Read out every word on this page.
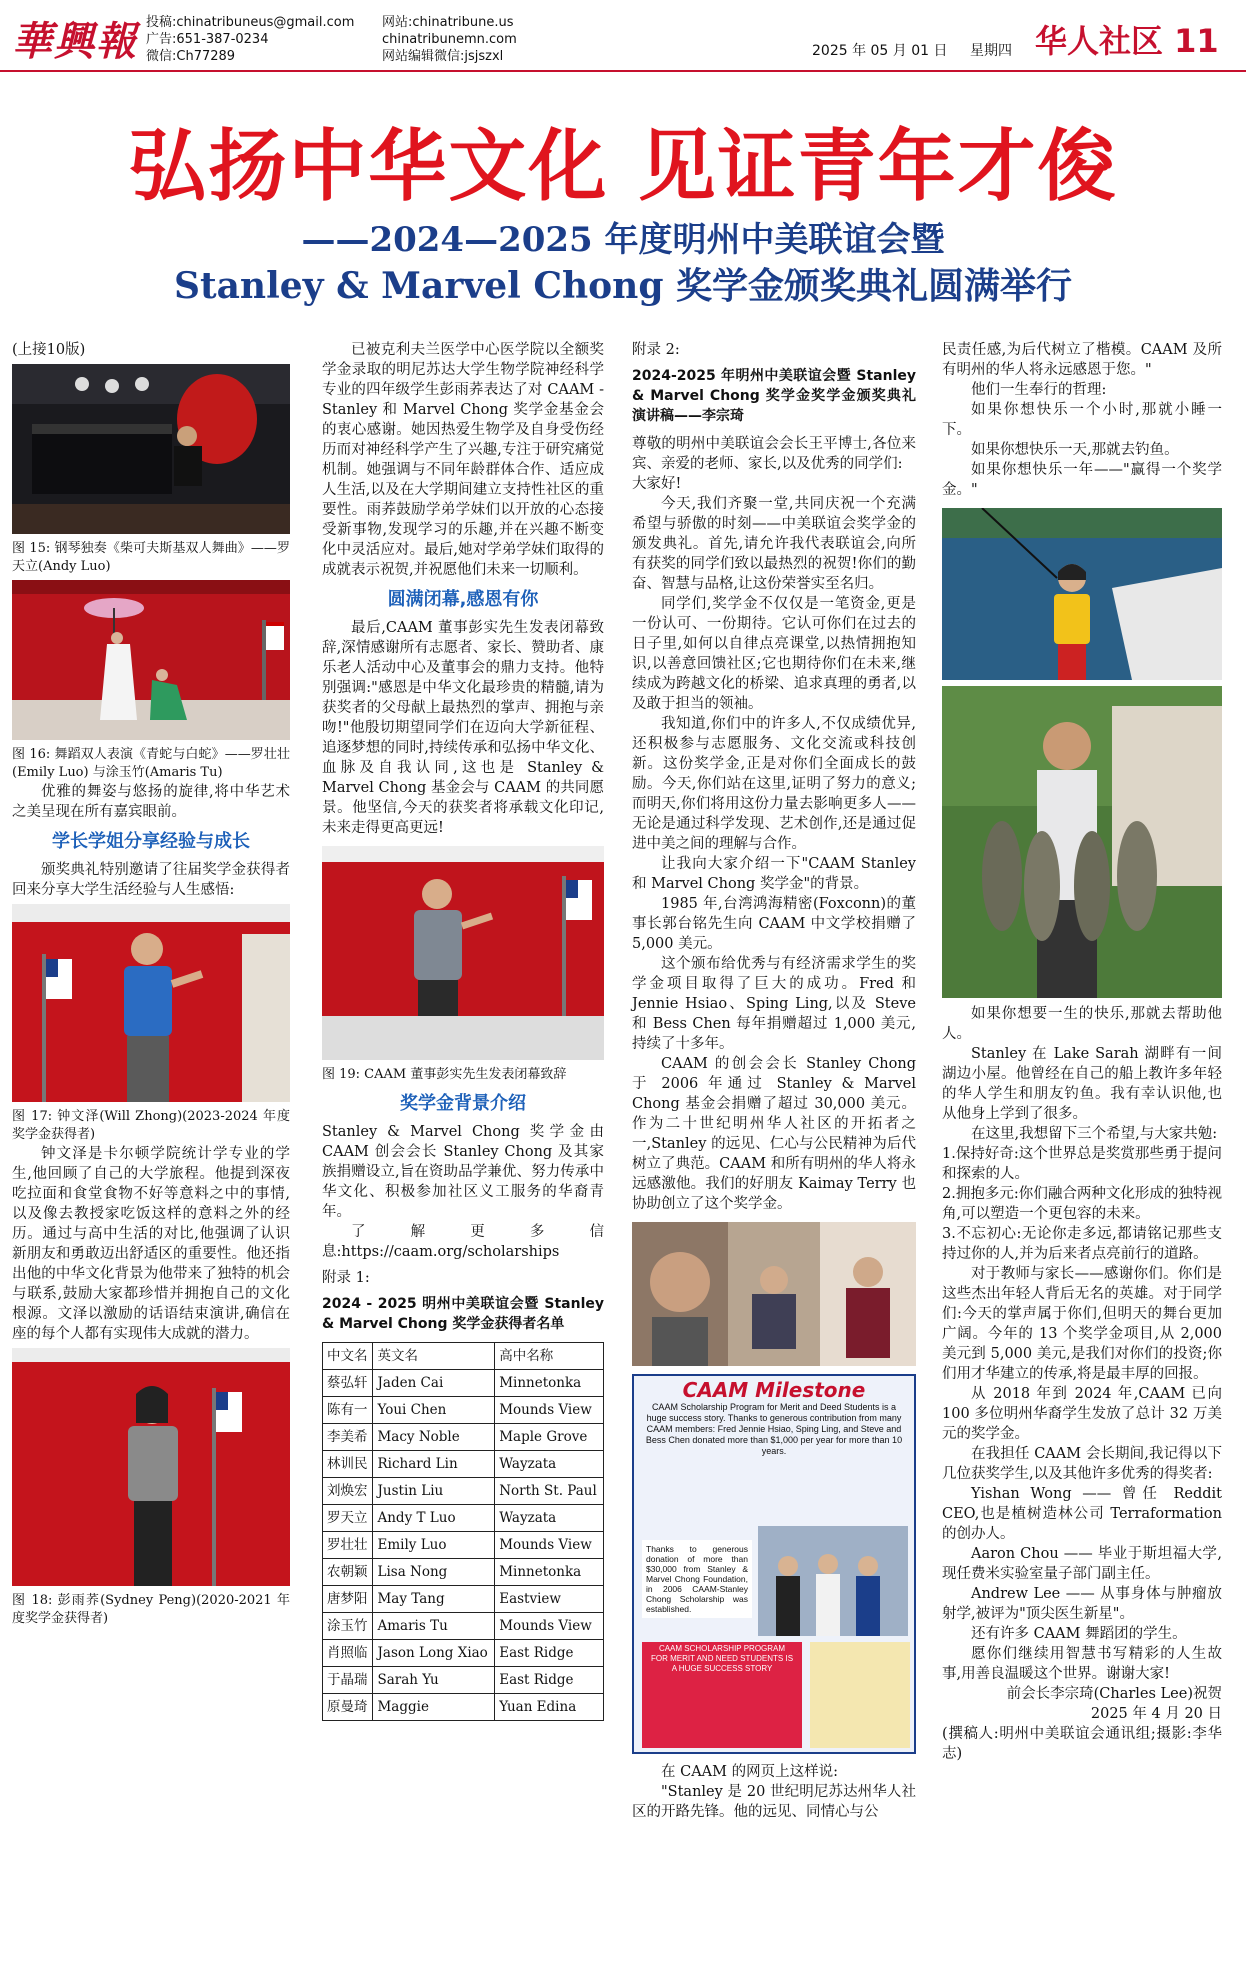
華興報 投稿:chinatribuneus@gmail.com
广告:651-387-0234
微信:Ch77289
网站:chinatribune.us
chinatribunemn.com
网站编辑微信:jsjszxl	2025 年 05 月 01 日 星期四 华人社区 11
弘扬中华文化 见证青年才俊
——2024—2025 年度明州中美联谊会暨
Stanley & Marvel Chong 奖学金颁奖典礼圆满举行

(上接10版)

图 15: 钢琴独奏《柴可夫斯基双人舞曲》——罗天立(Andy Luo)
图 16: 舞蹈双人表演《青蛇与白蛇》——罗壮壮(Emily Luo) 与涂玉竹(Amaris Tu)

优雅的舞姿与悠扬的旋律,将中华艺术之美呈现在所有嘉宾眼前。

学长学姐分享经验与成长

颁奖典礼特别邀请了往届奖学金获得者回来分享大学生活经验与人生感悟:

图 17: 钟文泽(Will Zhong)(2023-2024 年度奖学金获得者)

钟文泽是卡尔顿学院统计学专业的学生,他回顾了自己的大学旅程。他提到深夜吃拉面和食堂食物不好等意料之中的事情,以及像去教授家吃饭这样的意料之外的经历。通过与高中生活的对比,他强调了认识新朋友和勇敢迈出舒适区的重要性。他还指出他的中华文化背景为他带来了独特的机会与联系,鼓励大家都珍惜并拥抱自己的文化根源。文泽以激励的话语结束演讲,确信在座的每个人都有实现伟大成就的潜力。

图 18: 彭雨荞(Sydney Peng)(2020-2021 年度奖学金获得者)

已被克利夫兰医学中心医学院以全额奖学金录取的明尼苏达大学生物学院神经科学专业的四年级学生彭雨荞表达了对 CAAM - Stanley 和 Marvel Chong 奖学金基金会的衷心感谢。她因热爱生物学及自身受伤经历而对神经科学产生了兴趣,专注于研究痛觉机制。她强调与不同年龄群体合作、适应成人生活,以及在大学期间建立支持性社区的重要性。雨荞鼓励学弟学妹们以开放的心态接受新事物,发现学习的乐趣,并在兴趣不断变化中灵活应对。最后,她对学弟学妹们取得的成就表示祝贺,并祝愿他们未来一切顺利。

圆满闭幕,感恩有你

最后,CAAM 董事彭实先生发表闭幕致辞,深情感谢所有志愿者、家长、赞助者、康乐老人活动中心及董事会的鼎力支持。他特别强调:"感恩是中华文化最珍贵的精髓,请为获奖者的父母献上最热烈的掌声、拥抱与亲吻!"他殷切期望同学们在迈向大学新征程、追逐梦想的同时,持续传承和弘扬中华文化、血脉及自我认同,这也是 Stanley & Marvel Chong 基金会与 CAAM 的共同愿景。他坚信,今天的获奖者将承载文化印记,未来走得更高更远!

图 19: CAAM 董事彭实先生发表闭幕致辞
奖学金背景介绍

Stanley & Marvel Chong 奖学金由 CAAM 创会会长 Stanley Chong 及其家族捐赠设立,旨在资助品学兼优、努力传承中华文化、积极参加社区义工服务的华裔青年。

了解更多信息:https://caam.org/scholarships

附录 1:

2024 - 2025 明州中美联谊会暨 Stanley & Marvel Chong 奖学金获得者名单
中文名	英文名	高中名称
蔡弘轩	Jaden Cai	Minnetonka
陈有一	Youi Chen	Mounds View
李美希	Macy Noble	Maple Grove
林训民	Richard Lin	Wayzata
刘焕宏	Justin Liu	North St. Paul
罗天立	Andy T Luo	Wayzata
罗壮壮	Emily Luo	Mounds View
农朝颖	Lisa Nong	Minnetonka
唐梦阳	May Tang	Eastview
涂玉竹	Amaris Tu	Mounds View
肖照临	Jason Long Xiao	East Ridge
于晶瑞	Sarah Yu	East Ridge
原曼琦	Maggie	Yuan Edina

附录 2:

2024-2025 年明州中美联谊会暨 Stanley & Marvel Chong 奖学金奖学金颁奖典礼演讲稿——李宗琦

尊敬的明州中美联谊会会长王平博士,各位来宾、亲爱的老师、家长,以及优秀的同学们:

大家好!

今天,我们齐聚一堂,共同庆祝一个充满希望与骄傲的时刻——中美联谊会奖学金的颁发典礼。首先,请允许我代表联谊会,向所有获奖的同学们致以最热烈的祝贺!你们的勤奋、智慧与品格,让这份荣誉实至名归。

同学们,奖学金不仅仅是一笔资金,更是一份认可、一份期待。它认可你们在过去的日子里,如何以自律点亮课堂,以热情拥抱知识,以善意回馈社区;它也期待你们在未来,继续成为跨越文化的桥梁、追求真理的勇者,以及敢于担当的领袖。

我知道,你们中的许多人,不仅成绩优异,还积极参与志愿服务、文化交流或科技创新。这份奖学金,正是对你们全面成长的鼓励。今天,你们站在这里,证明了努力的意义;而明天,你们将用这份力量去影响更多人——无论是通过科学发现、艺术创作,还是通过促进中美之间的理解与合作。

让我向大家介绍一下"CAAM Stanley 和 Marvel Chong 奖学金"的背景。

1985 年,台湾鸿海精密(Foxconn)的董事长郭台铭先生向 CAAM 中文学校捐赠了 5,000 美元。

这个颁布给优秀与有经济需求学生的奖学金项目取得了巨大的成功。Fred 和 Jennie Hsiao、Sping Ling,以及 Steve 和 Bess Chen 每年捐赠超过 1,000 美元,持续了十多年。

CAAM 的创会会长 Stanley Chong 于 2006 年通过 Stanley & Marvel Chong 基金会捐赠了超过 30,000 美元。作为二十世纪明州华人社区的开拓者之一,Stanley 的远见、仁心与公民精神为后代树立了典范。CAAM 和所有明州的华人将永远感激他。我们的好朋友 Kaimay Terry 也协助创立了这个奖学金。

CAAM Milestone
CAAM Scholarship Program for Merit and Deed Students is a huge success story. Thanks to generous contribution from many CAAM members: Fred Jennie Hsiao, Sping Ling, and Steve and Bess Chen donated more than $1,000 per year for more than 10 years.
Thanks to generous donation of more than $30,000 from Stanley & Marvel Chong Foundation, in 2006 CAAM-Stanley Chong Scholarship was established.
CAAM SCHOLARSHIP PROGRAM FOR MERIT AND NEED STUDENTS IS A HUGE SUCCESS STORY

在 CAAM 的网页上这样说:

"Stanley 是 20 世纪明尼苏达州华人社区的开路先锋。他的远见、同情心与公

民责任感,为后代树立了楷模。CAAM 及所有明州的华人将永远感恩于您。"

他们一生奉行的哲理:

如果你想快乐一个小时,那就小睡一下。

如果你想快乐一天,那就去钓鱼。

如果你想快乐一年——"赢得一个奖学金。"

如果你想要一生的快乐,那就去帮助他人。

Stanley 在 Lake Sarah 湖畔有一间湖边小屋。他曾经在自己的船上教许多年轻的华人学生和朋友钓鱼。我有幸认识他,也从他身上学到了很多。

在这里,我想留下三个希望,与大家共勉:

1.保持好奇:这个世界总是奖赏那些勇于提问和探索的人。

2.拥抱多元:你们融合两种文化形成的独特视角,可以塑造一个更包容的未来。

3.不忘初心:无论你走多远,都请铭记那些支持过你的人,并为后来者点亮前行的道路。

对于教师与家长——感谢你们。你们是这些杰出年轻人背后无名的英雄。对于同学们:今天的掌声属于你们,但明天的舞台更加广阔。今年的 13 个奖学金项目,从 2,000 美元到 5,000 美元,是我们对你们的投资;你们用才华建立的传承,将是最丰厚的回报。

从 2018 年到 2024 年,CAAM 已向 100 多位明州华裔学生发放了总计 32 万美元的奖学金。

在我担任 CAAM 会长期间,我记得以下几位获奖学生,以及其他许多优秀的得奖者:

Yishan Wong —— 曾任 Reddit CEO,也是植树造林公司 Terraformation 的创办人。

Aaron Chou —— 毕业于斯坦福大学,现任费米实验室量子部门副主任。

Andrew Lee —— 从事身体与肿瘤放射学,被评为"顶尖医生新星"。

还有许多 CAAM 舞蹈团的学生。

愿你们继续用智慧书写精彩的人生故事,用善良温暖这个世界。谢谢大家!

前会长李宗琦(Charles Lee)祝贺

2025 年 4 月 20 日

(撰稿人:明州中美联谊会通讯组;摄影:李华志)
